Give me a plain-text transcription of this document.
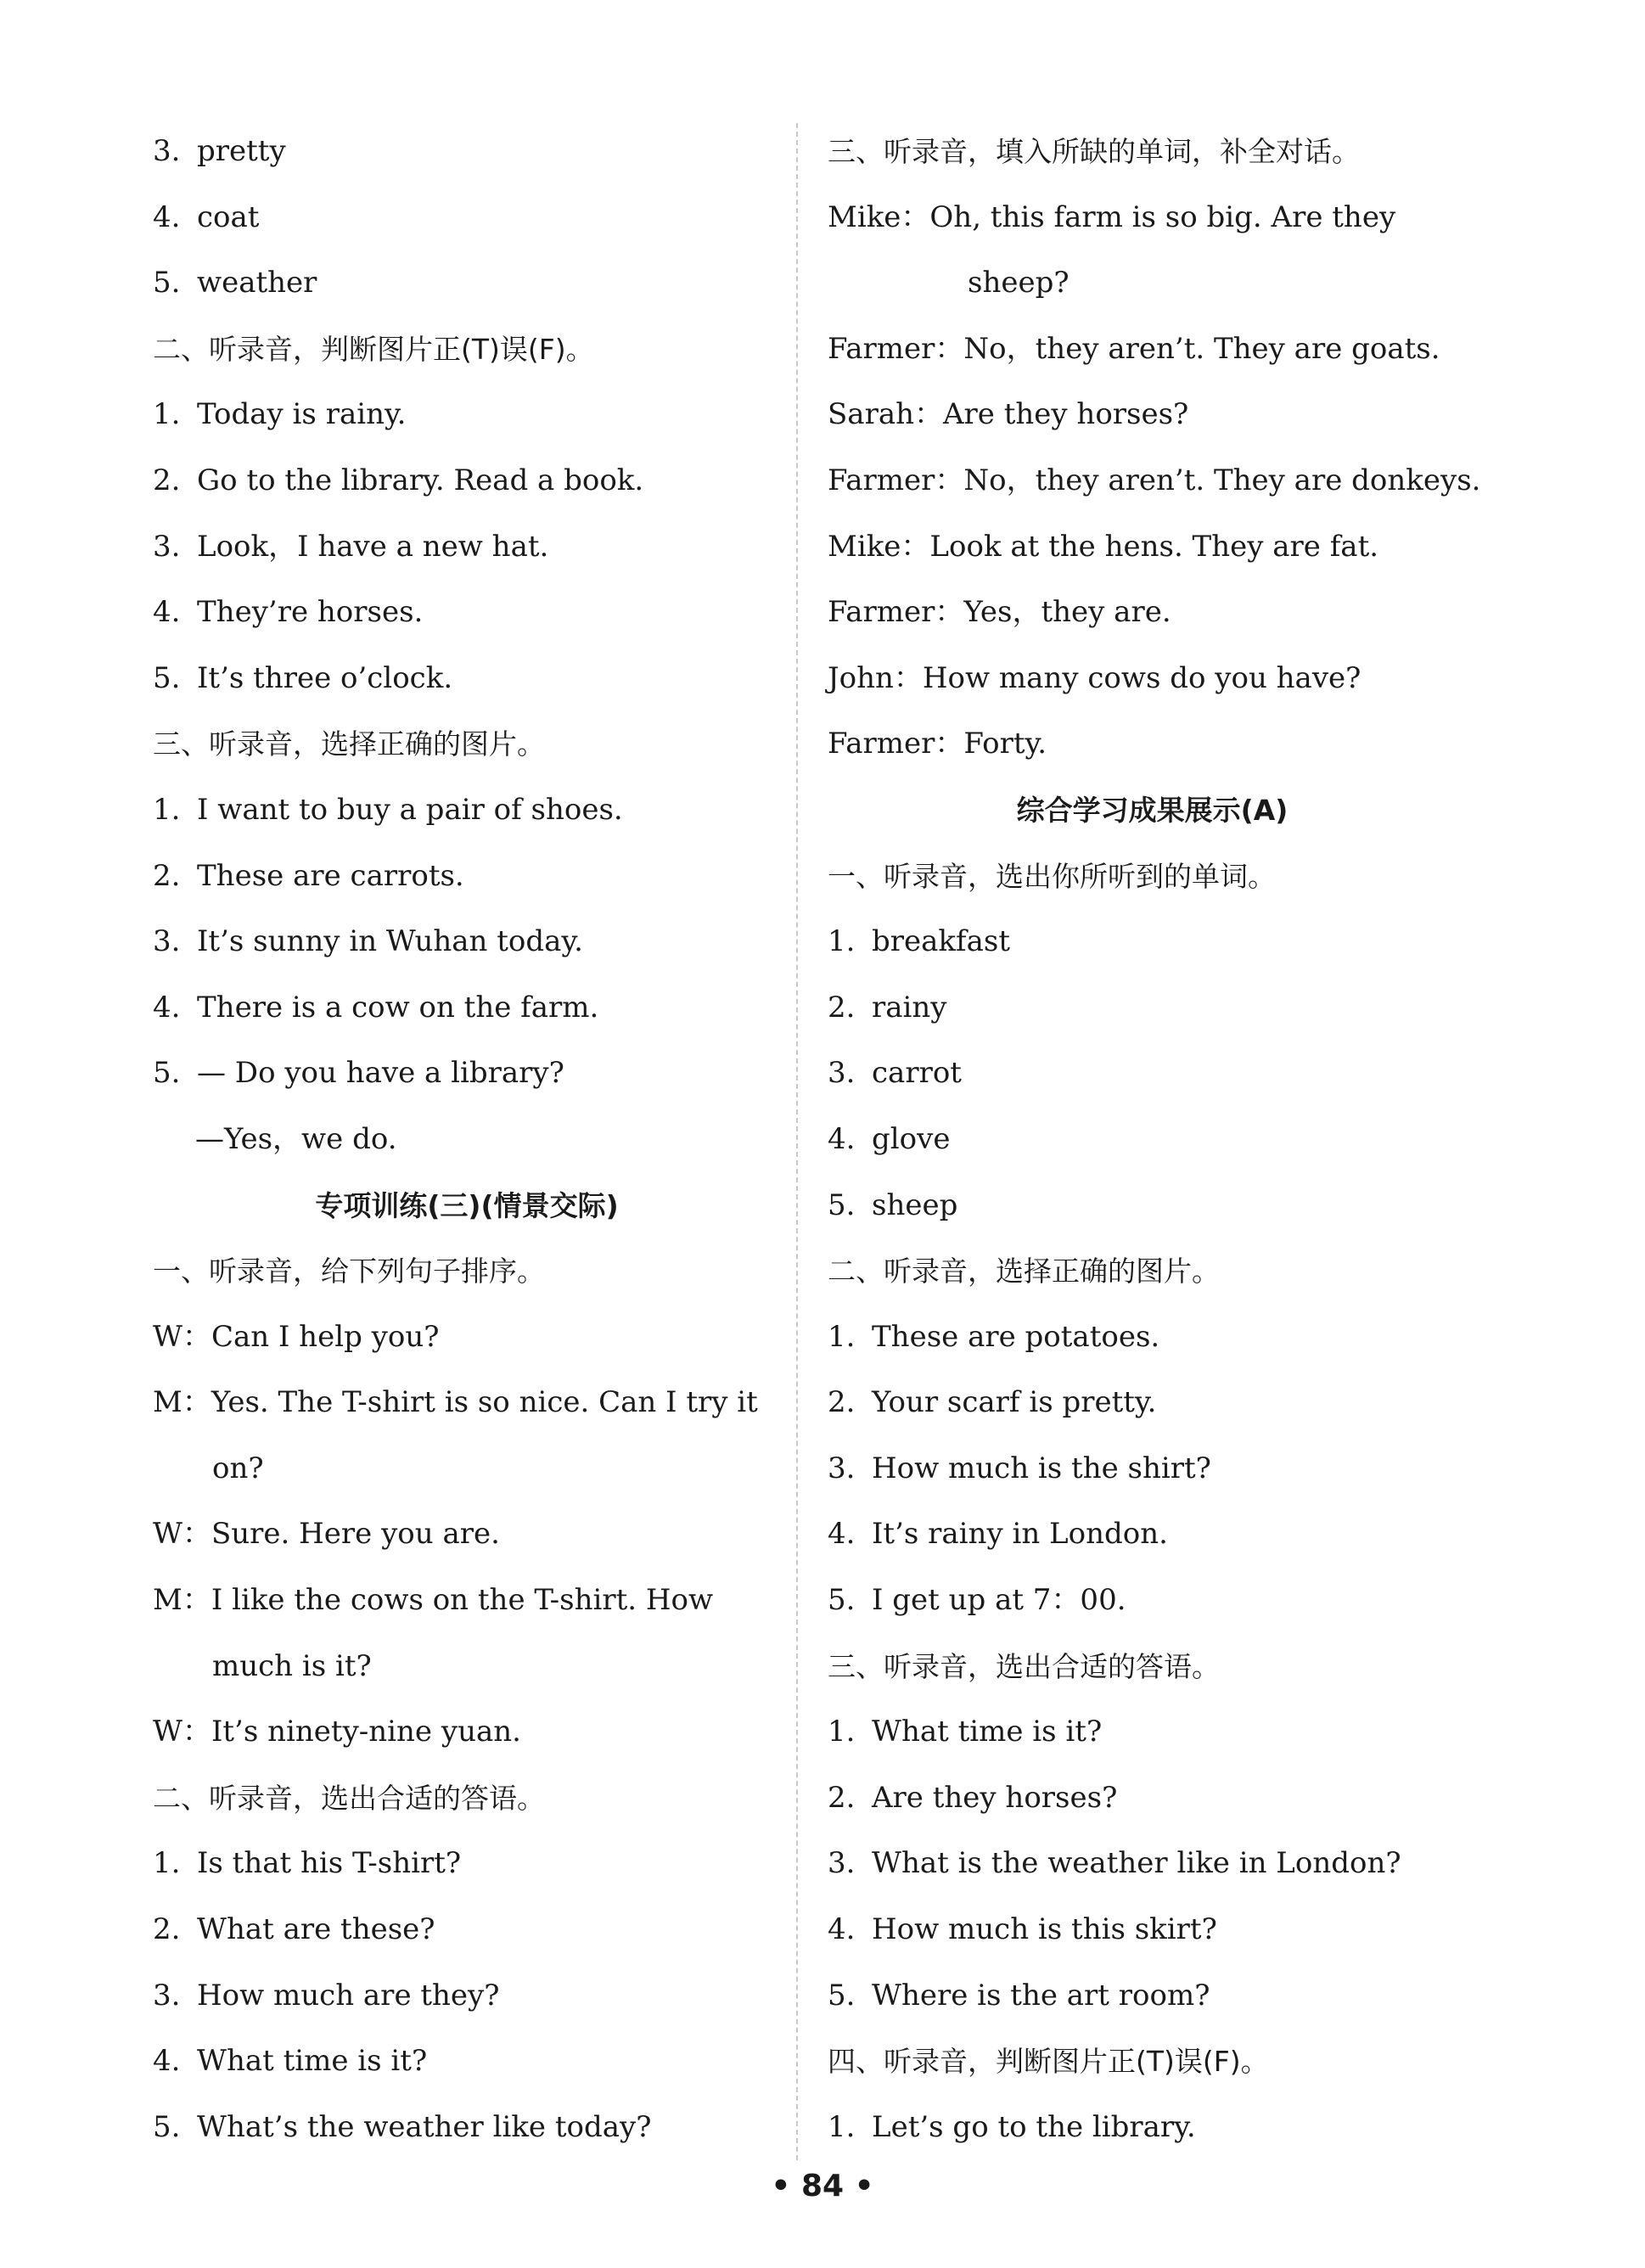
3. pretty
4. coat
5. weather
二、听录音，判断图片正(T)误(F)。
1. Today is rainy.
2. Go to the library. Read a book.
3. Look，I have a new hat.
4. They’re horses.
5. It’s three o’clock.
三、听录音，选择正确的图片。
1. I want to buy a pair of shoes.
2. These are carrots.
3. It’s sunny in Wuhan today.
4. There is a cow on the farm.
5. — Do you have a library?
—Yes，we do.
专项训练(三)(情景交际)
一、听录音，给下列句子排序。
W：Can I help you?
M：Yes. The T-shirt is so nice. Can I try it
on?
W：Sure. Here you are.
M：I like the cows on the T-shirt. How
much is it?
W：It’s ninety-nine yuan.
二、听录音，选出合适的答语。
1. Is that his T-shirt?
2. What are these?
3. How much are they?
4. What time is it?
5. What’s the weather like today?
三、听录音，填入所缺的单词，补全对话。
Mike：Oh, this farm is so big. Are they
sheep?
Farmer：No，they aren’t. They are goats.
Sarah：Are they horses?
Farmer：No，they aren’t. They are donkeys.
Mike：Look at the hens. They are fat.
Farmer：Yes，they are.
John：How many cows do you have?
Farmer：Forty.
综合学习成果展示(A)
一、听录音，选出你所听到的单词。
1. breakfast
2. rainy
3. carrot
4. glove
5. sheep
二、听录音，选择正确的图片。
1. These are potatoes.
2. Your scarf is pretty.
3. How much is the shirt?
4. It’s rainy in London.
5. I get up at 7：00.
三、听录音，选出合适的答语。
1. What time is it?
2. Are they horses?
3. What is the weather like in London?
4. How much is this skirt?
5. Where is the art room?
四、听录音，判断图片正(T)误(F)。
1. Let’s go to the library.
• 84 •
